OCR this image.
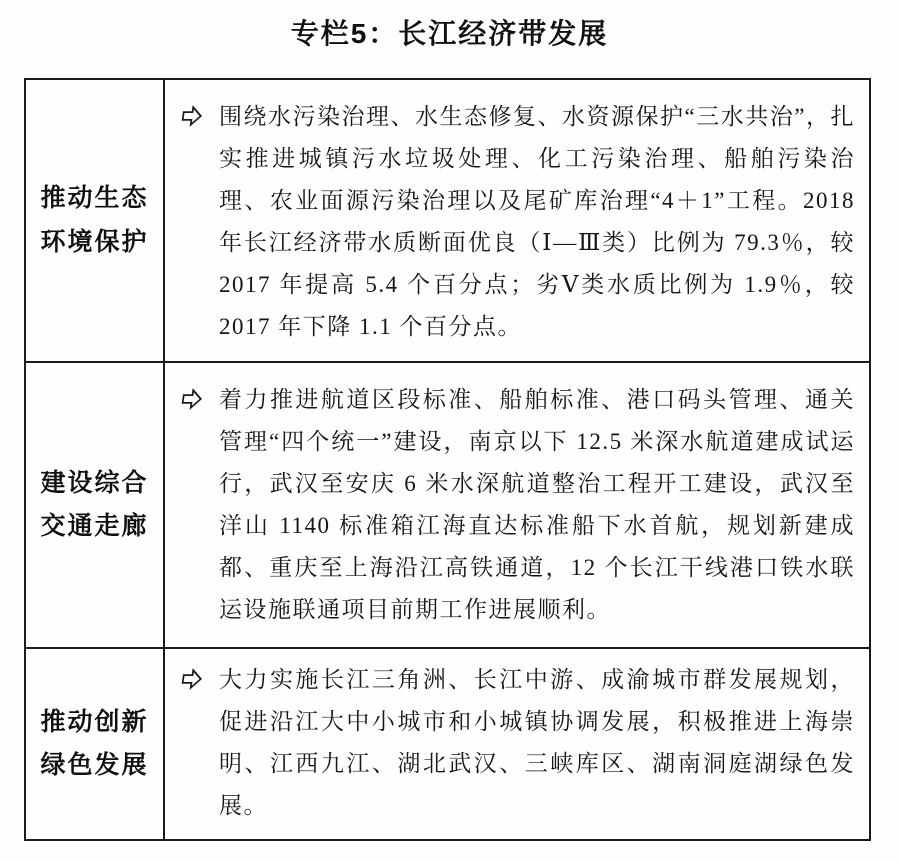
专栏5：长江经济带发展
推动生态
环境保护
围绕水污染治理、水生态修复、水资源保护“三水共治”，扎实推进城镇污水垃圾处理、化工污染治理、船舶污染治理、农业面源污染治理以及尾矿库治理“4＋1”工程。2018 年长江经济带水质断面优良（Ⅰ—Ⅲ类）比例为 79.3％，较 2017 年提高 5.4 个百分点；劣Ⅴ类水质比例为 1.9％，较 2017 年下降 1.1 个百分点。
建设综合
交通走廊
着力推进航道区段标准、船舶标准、港口码头管理、通关管理“四个统一”建设，南京以下 12.5 米深水航道建成试运行，武汉至安庆 6 米水深航道整治工程开工建设，武汉至洋山 1140 标准箱江海直达标准船下水首航，规划新建成都、重庆至上海沿江高铁通道，12 个长江干线港口铁水联运设施联通项目前期工作进展顺利。
推动创新
绿色发展
大力实施长江三角洲、长江中游、成渝城市群发展规划，促进沿江大中小城市和小城镇协调发展，积极推进上海崇明、江西九江、湖北武汉、三峡库区、湖南洞庭湖绿色发展。
